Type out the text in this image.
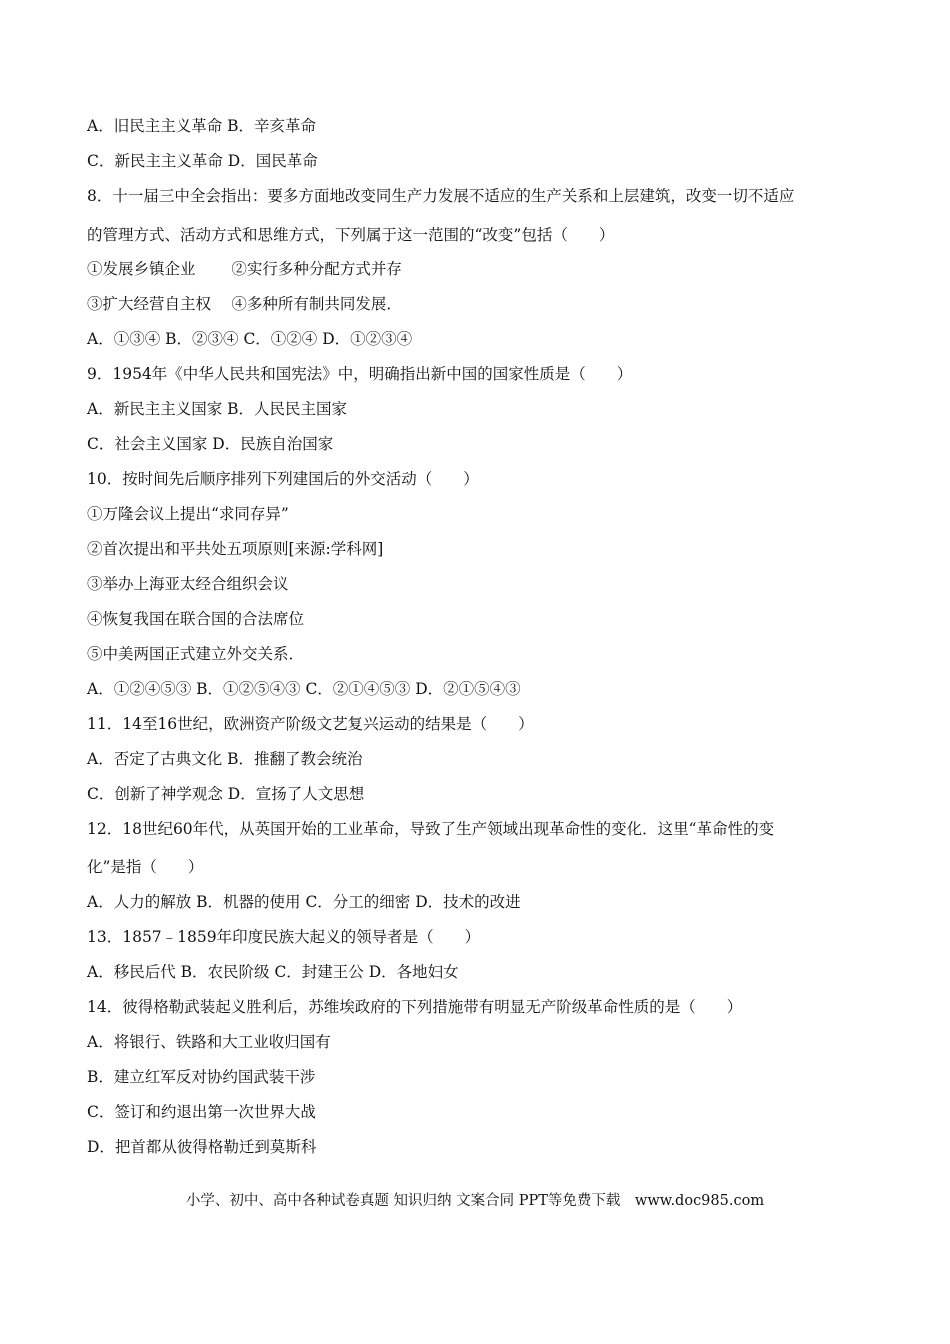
A．旧民主主义革命 B．辛亥革命
C．新民主主义革命 D．国民革命
8．十一届三中全会指出：要多方面地改变同生产力发展不适应的生产关系和上层建筑，改变一切不适应
的管理方式、活动方式和思维方式，下列属于这一范围的“改变”包括（　　）
①发展乡镇企业　　 ②实行多种分配方式并存
③扩大经营自主权　 ④多种所有制共同发展．
A．①③④ B．②③④ C．①②④ D．①②③④
9．1954年《中华人民共和国宪法》中，明确指出新中国的国家性质是（　　）
A．新民主主义国家 B．人民民主国家
C．社会主义国家 D．民族自治国家
10．按时间先后顺序排列下列建国后的外交活动（　　）
①万隆会议上提出“求同存异”
②首次提出和平共处五项原则[来源:学科网]
③举办上海亚太经合组织会议
④恢复我国在联合国的合法席位
⑤中美两国正式建立外交关系．
A．①②④⑤③ B．①②⑤④③ C．②①④⑤③ D．②①⑤④③
11．14至16世纪，欧洲资产阶级文艺复兴运动的结果是（　　）
A．否定了古典文化 B．推翻了教会统治
C．创新了神学观念 D．宣扬了人文思想
12．18世纪60年代，从英国开始的工业革命，导致了生产领域出现革命性的变化．这里“革命性的变
化”是指（　　）
A．人力的解放 B．机器的使用 C．分工的细密 D．技术的改进
13．1857﹣1859年印度民族大起义的领导者是（　　）
A．移民后代 B．农民阶级 C．封建王公 D．各地妇女
14．彼得格勒武装起义胜利后，苏维埃政府的下列措施带有明显无产阶级革命性质的是（　　）
A．将银行、铁路和大工业收归国有
B．建立红军反对协约国武装干涉
C．签订和约退出第一次世界大战
D．把首都从彼得格勒迁到莫斯科
小学、初中、高中各种试卷真题 知识归纳 文案合同 PPT等免费下载　www.doc985.com
